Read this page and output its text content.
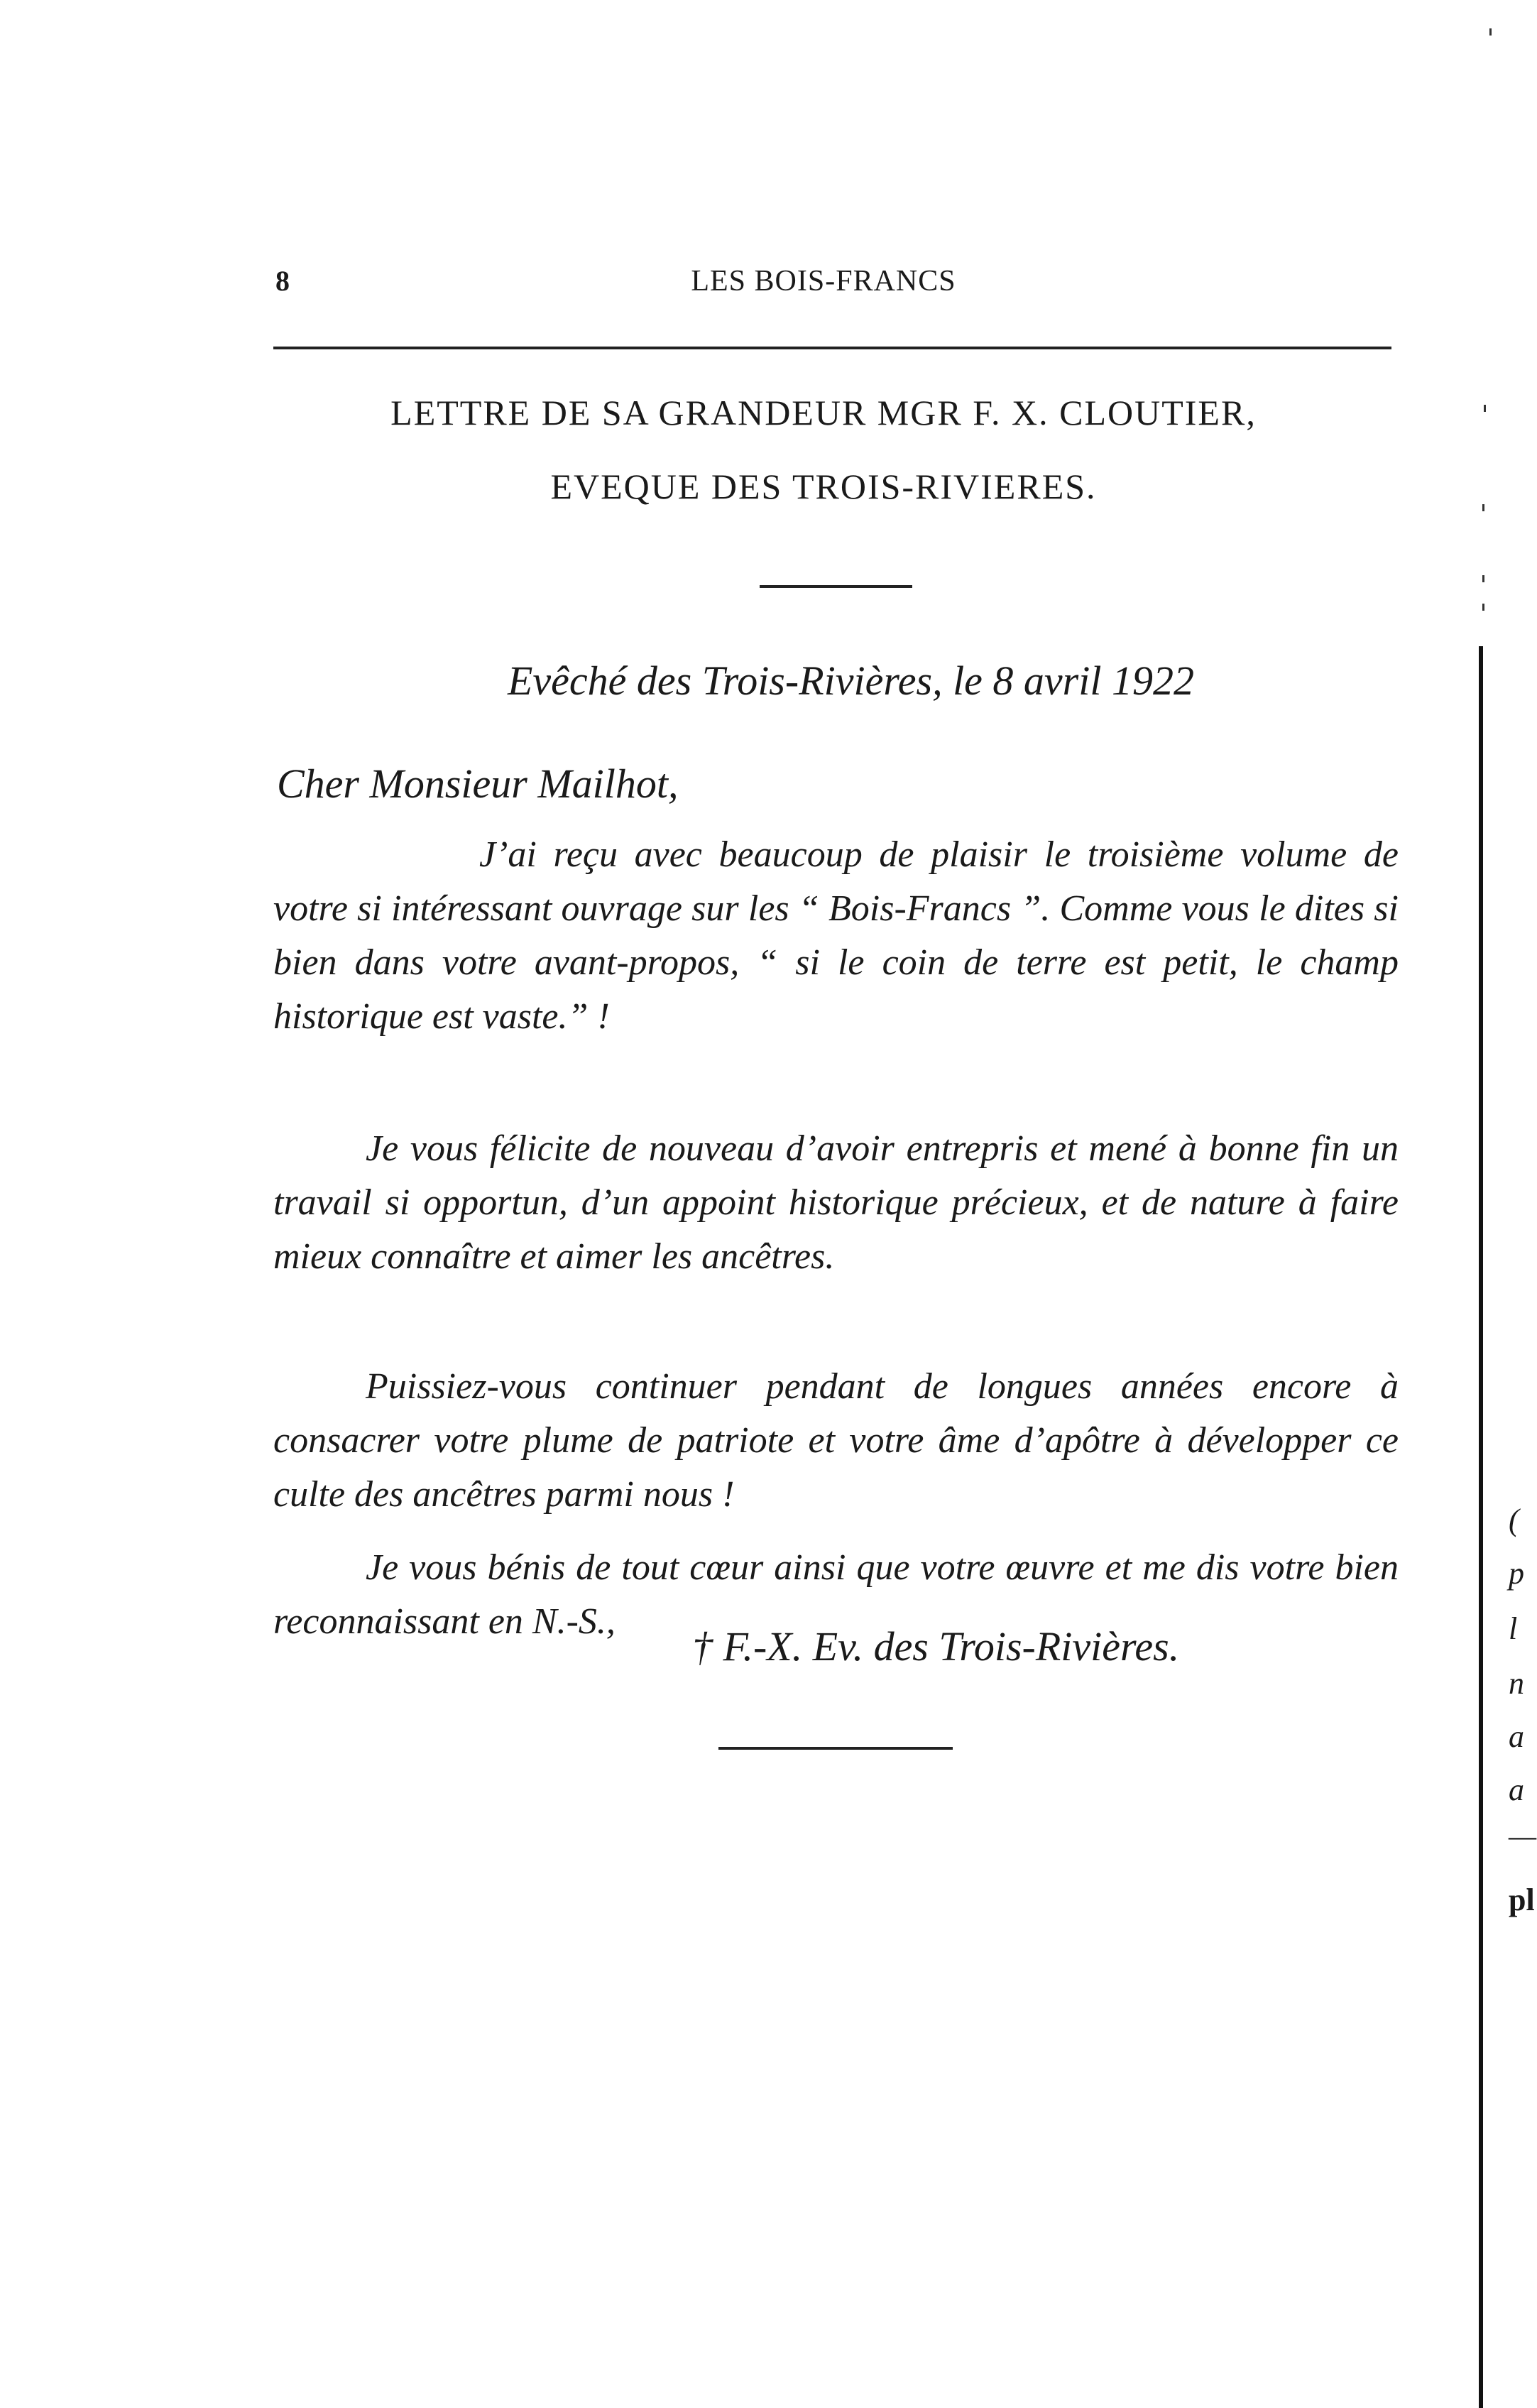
8	LES BOIS-FRANCS
LETTRE DE SA GRANDEUR MGR F. X. CLOUTIER,
EVEQUE DES TROIS-RIVIERES.
Evêché des Trois-Rivières, le 8 avril 1922
Cher Monsieur Mailhot,

J’ai reçu avec beaucoup de plaisir le troisième volume de votre si intéressant ouvrage sur les “ Bois-Francs ”. Comme vous le dites si bien dans votre avant-propos, “ si le coin de terre est petit, le champ historique est vaste.” !

Je vous félicite de nouveau d’avoir entrepris et mené à bonne fin un travail si opportun, d’un appoint historique précieux, et de nature à faire mieux connaître et aimer les ancêtres.

Puissiez-vous continuer pendant de longues années encore à consacrer votre plume de patriote et votre âme d’apôtre à développer ce culte des ancêtres parmi nous !

Je vous bénis de tout cœur ainsi que votre œuvre et me dis votre bien reconnaissant en N.-S.,

† F.-X. Ev. des Trois-Rivières.
(
p
l
n
a
a
—
pl
